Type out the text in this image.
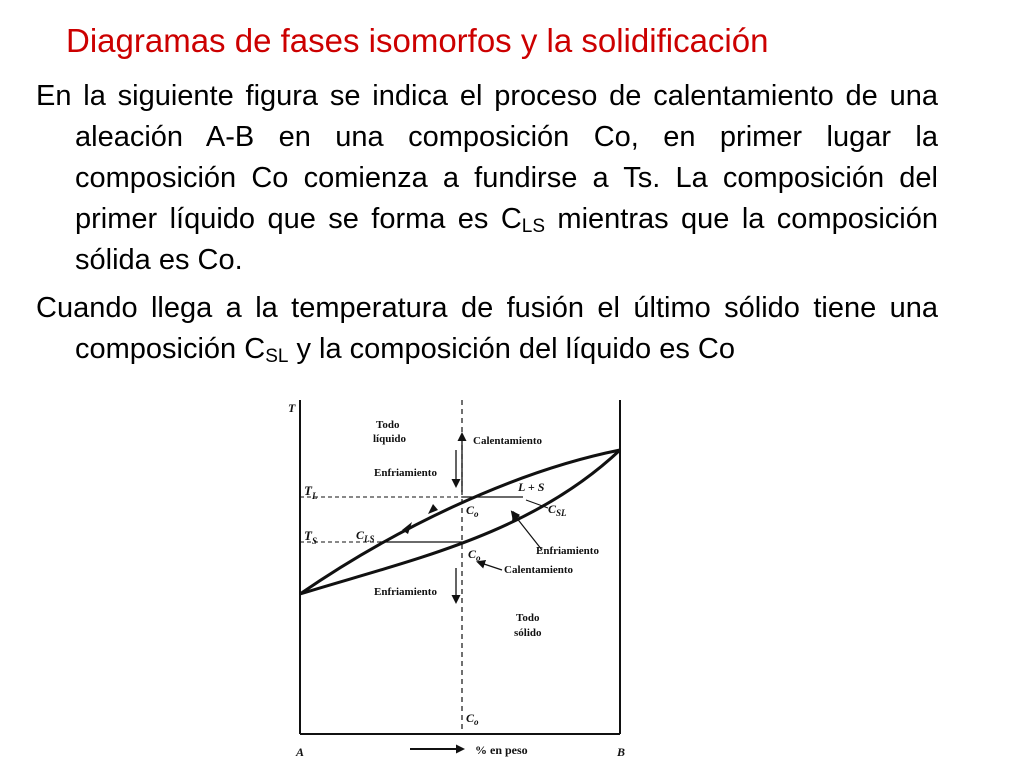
Diagramas de fases isomorfos y la solidificación
En la siguiente figura se indica el proceso de calentamiento de una aleación A-B en una composición Co, en primer lugar la composición Co comienza a fundirse a Ts. La composición del primer líquido que se forma es $C_{LS}$ mientras que la composición sólida es Co.
Cuando llega a la temperatura de fusión el último sólido tiene una composición $C_{SL}$ y la composición del líquido es Co
T
A	B
% en peso
$T_L$
$T_S$
Todo
líquido
Todo
sólido
Calentamiento
Enfriamiento
Enfriamiento
Enfriamiento
Calentamiento
L + S
$C_o$
$C_o$
$C_o$
$C_{SL}$
$C_{LS}$
